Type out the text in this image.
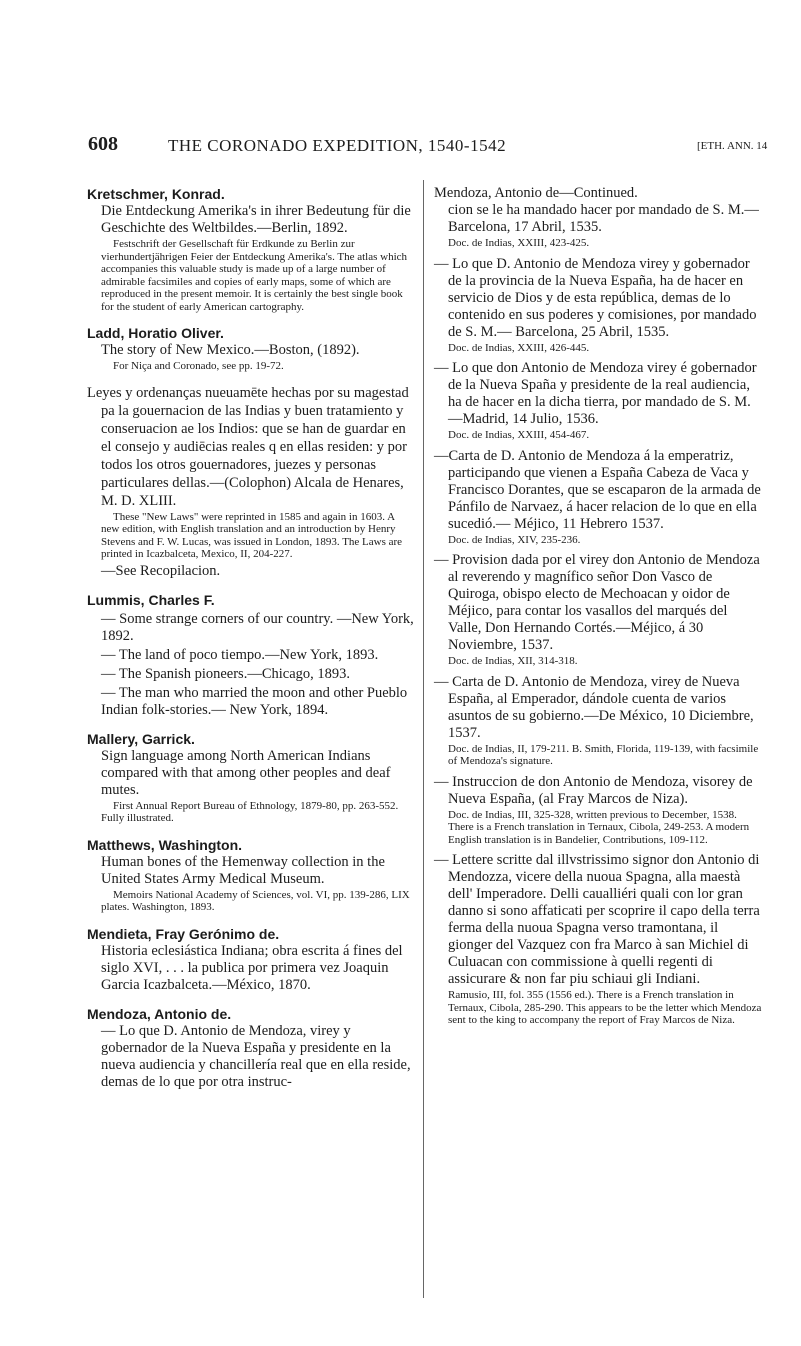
608	THE CORONADO EXPEDITION, 1540-1542	[ETH. ANN. 14
Kretschmer, Konrad.
Die Entdeckung Amerika's in ihrer Bedeutung für die Geschichte des Weltbildes.—Berlin, 1892.
Festschrift der Gesellschaft für Erdkunde zu Berlin zur vierhundertjährigen Feier der Entdeckung Amerika's. The atlas which accompanies this valuable study is made up of a large number of admirable facsimiles and copies of early maps, some of which are reproduced in the present memoir. It is certainly the best single book for the student of early American cartography.
Ladd, Horatio Oliver.
The story of New Mexico.—Boston, (1892).
For Niça and Coronado, see pp. 19-72.
Leyes y ordenanças nueuamēte hechas por su magestad pa la gouernacion de las Indias y buen tratamiento y conseruacion ae los Indios: que se han de guardar en el consejo y audiēcias reales q en ellas residen: y por todos los otros gouernadores, juezes y personas particulares dellas.—(Colophon) Alcala de Henares, M. D. XLIII.
These "New Laws" were reprinted in 1585 and again in 1603. A new edition, with English translation and an introduction by Henry Stevens and F. W. Lucas, was issued in London, 1893. The Laws are printed in Icazbalceta, Mexico, II, 204-227.
—See Recopilacion.
Lummis, Charles F.
— Some strange corners of our country. —New York, 1892.
— The land of poco tiempo.—New York, 1893.
— The Spanish pioneers.—Chicago, 1893.
— The man who married the moon and other Pueblo Indian folk-stories.— New York, 1894.
Mallery, Garrick.
Sign language among North American Indians compared with that among other peoples and deaf mutes.
First Annual Report Bureau of Ethnology, 1879-80, pp. 263-552. Fully illustrated.
Matthews, Washington.
Human bones of the Hemenway collection in the United States Army Medical Museum.
Memoirs National Academy of Sciences, vol. VI, pp. 139-286, LIX plates. Washington, 1893.
Mendieta, Fray Gerónimo de.
Historia eclesiástica Indiana; obra escrita á fines del siglo XVI, . . . la publica por primera vez Joaquin Garcia Icazbalceta.—México, 1870.
Mendoza, Antonio de.
— Lo que D. Antonio de Mendoza, virey y gobernador de la Nueva España y presidente en la nueva audiencia y chancillería real que en ella reside, demas de lo que por otra instruc-
Mendoza, Antonio de—Continued.
cion se le ha mandado hacer por mandado de S. M.—Barcelona, 17 Abril, 1535.
Doc. de Indias, XXIII, 423-425.
— Lo que D. Antonio de Mendoza virey y gobernador de la provincia de la Nueva España, ha de hacer en servicio de Dios y de esta república, demas de lo contenido en sus poderes y comisiones, por mandado de S. M.— Barcelona, 25 Abril, 1535.
Doc. de Indias, XXIII, 426-445.
— Lo que don Antonio de Mendoza virey é gobernador de la Nueva Spaña y presidente de la real audiencia, ha de hacer en la dicha tierra, por mandado de S. M.—Madrid, 14 Julio, 1536.
Doc. de Indias, XXIII, 454-467.
—Carta de D. Antonio de Mendoza á la emperatriz, participando que vienen a España Cabeza de Vaca y Francisco Dorantes, que se escaparon de la armada de Pánfilo de Narvaez, á hacer relacion de lo que en ella sucedió.— Méjico, 11 Hebrero 1537.
Doc. de Indias, XIV, 235-236.
— Provision dada por el virey don Antonio de Mendoza al reverendo y magnífico señor Don Vasco de Quiroga, obispo electo de Mechoacan y oidor de Méjico, para contar los vasallos del marqués del Valle, Don Hernando Cortés.—Méjico, á 30 Noviembre, 1537.
Doc. de Indias, XII, 314-318.
— Carta de D. Antonio de Mendoza, virey de Nueva España, al Emperador, dándole cuenta de varios asuntos de su gobierno.—De México, 10 Diciembre, 1537.
Doc. de Indias, II, 179-211. B. Smith, Florida, 119-139, with facsimile of Mendoza's signature.
— Instruccion de don Antonio de Mendoza, visorey de Nueva España, (al Fray Marcos de Niza).
Doc. de Indias, III, 325-328, written previous to December, 1538. There is a French translation in Ternaux, Cibola, 249-253. A modern English translation is in Bandelier, Contributions, 109-112.
— Lettere scritte dal illvstrissimo signor don Antonio di Mendozza, vicere della nuoua Spagna, alla maestà dell' Imperadore. Delli caualliéri quali con lor gran danno si sono affaticati per scoprire il capo della terra ferma della nuoua Spagna verso tramontana, il gionger del Vazquez con fra Marco à san Michiel di Culuacan con commissione à quelli regenti di assicurare & non far piu schiaui gli Indiani.
Ramusio, III, fol. 355 (1556 ed.). There is a French translation in Ternaux, Cibola, 285-290. This appears to be the letter which Mendoza sent to the king to accompany the report of Fray Marcos de Niza.
